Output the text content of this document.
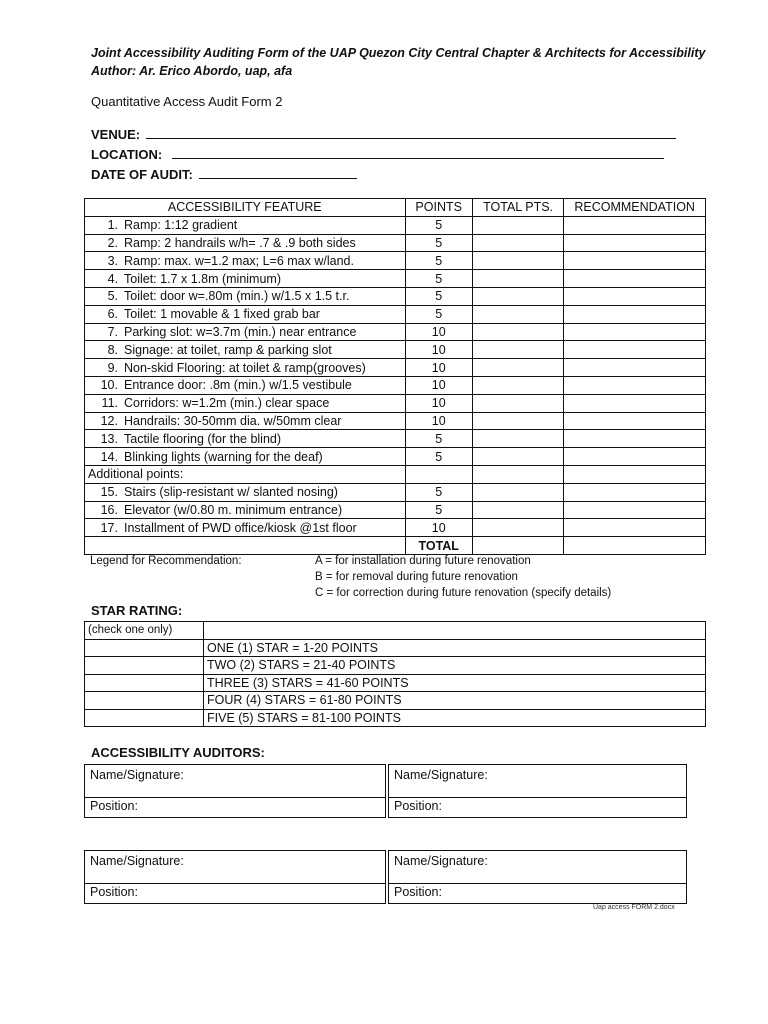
Joint Accessibility Auditing Form of the UAP Quezon City Central Chapter & Architects for Accessibility
Author: Ar. Erico Abordo, uap, afa
Quantitative Access Audit Form 2
VENUE:
LOCATION:
DATE OF AUDIT:
ACCESSIBILITY FEATURE	POINTS	TOTAL PTS.	RECOMMENDATION
1. Ramp: 1:12 gradient	5		
2. Ramp: 2 handrails w/h= .7 & .9 both sides	5		
3. Ramp: max. w=1.2 max; L=6 max w/land.	5		
4. Toilet: 1.7 x 1.8m (minimum)	5		
5. Toilet: door w=.80m (min.) w/1.5 x 1.5 t.r.	5		
6. Toilet: 1 movable & 1 fixed grab bar	5		
7. Parking slot: w=3.7m (min.) near entrance	10		
8. Signage: at toilet, ramp & parking slot	10		
9. Non-skid Flooring: at toilet & ramp(grooves)	10		
10. Entrance door: .8m (min.) w/1.5 vestibule	10		
11. Corridors: w=1.2m (min.) clear space	10		
12. Handrails: 30-50mm dia. w/50mm clear	10		
13. Tactile flooring (for the blind)	5		
14. Blinking lights (warning for the deaf)	5		
Additional points:			
15. Stairs (slip-resistant w/ slanted nosing)	5		
16. Elevator (w/0.80 m. minimum entrance)	5		
17. Installment of PWD office/kiosk @1st floor	10		
	TOTAL		
Legend for Recommendation:	A = for installation during future renovation
B = for removal during future renovation
C = for correction during future renovation (specify details)
STAR RATING:
(check one only)	
	ONE (1) STAR = 1-20 POINTS
	TWO (2) STARS = 21-40 POINTS
	THREE (3) STARS = 41-60 POINTS
	FOUR (4) STARS = 61-80 POINTS
	FIVE (5) STARS = 81-100 POINTS
ACCESSIBILITY AUDITORS:
Name/Signature:
Position:
Name/Signature:
Position:
Name/Signature:
Position:
Name/Signature:
Position:
Uap access FORM 2.docx
